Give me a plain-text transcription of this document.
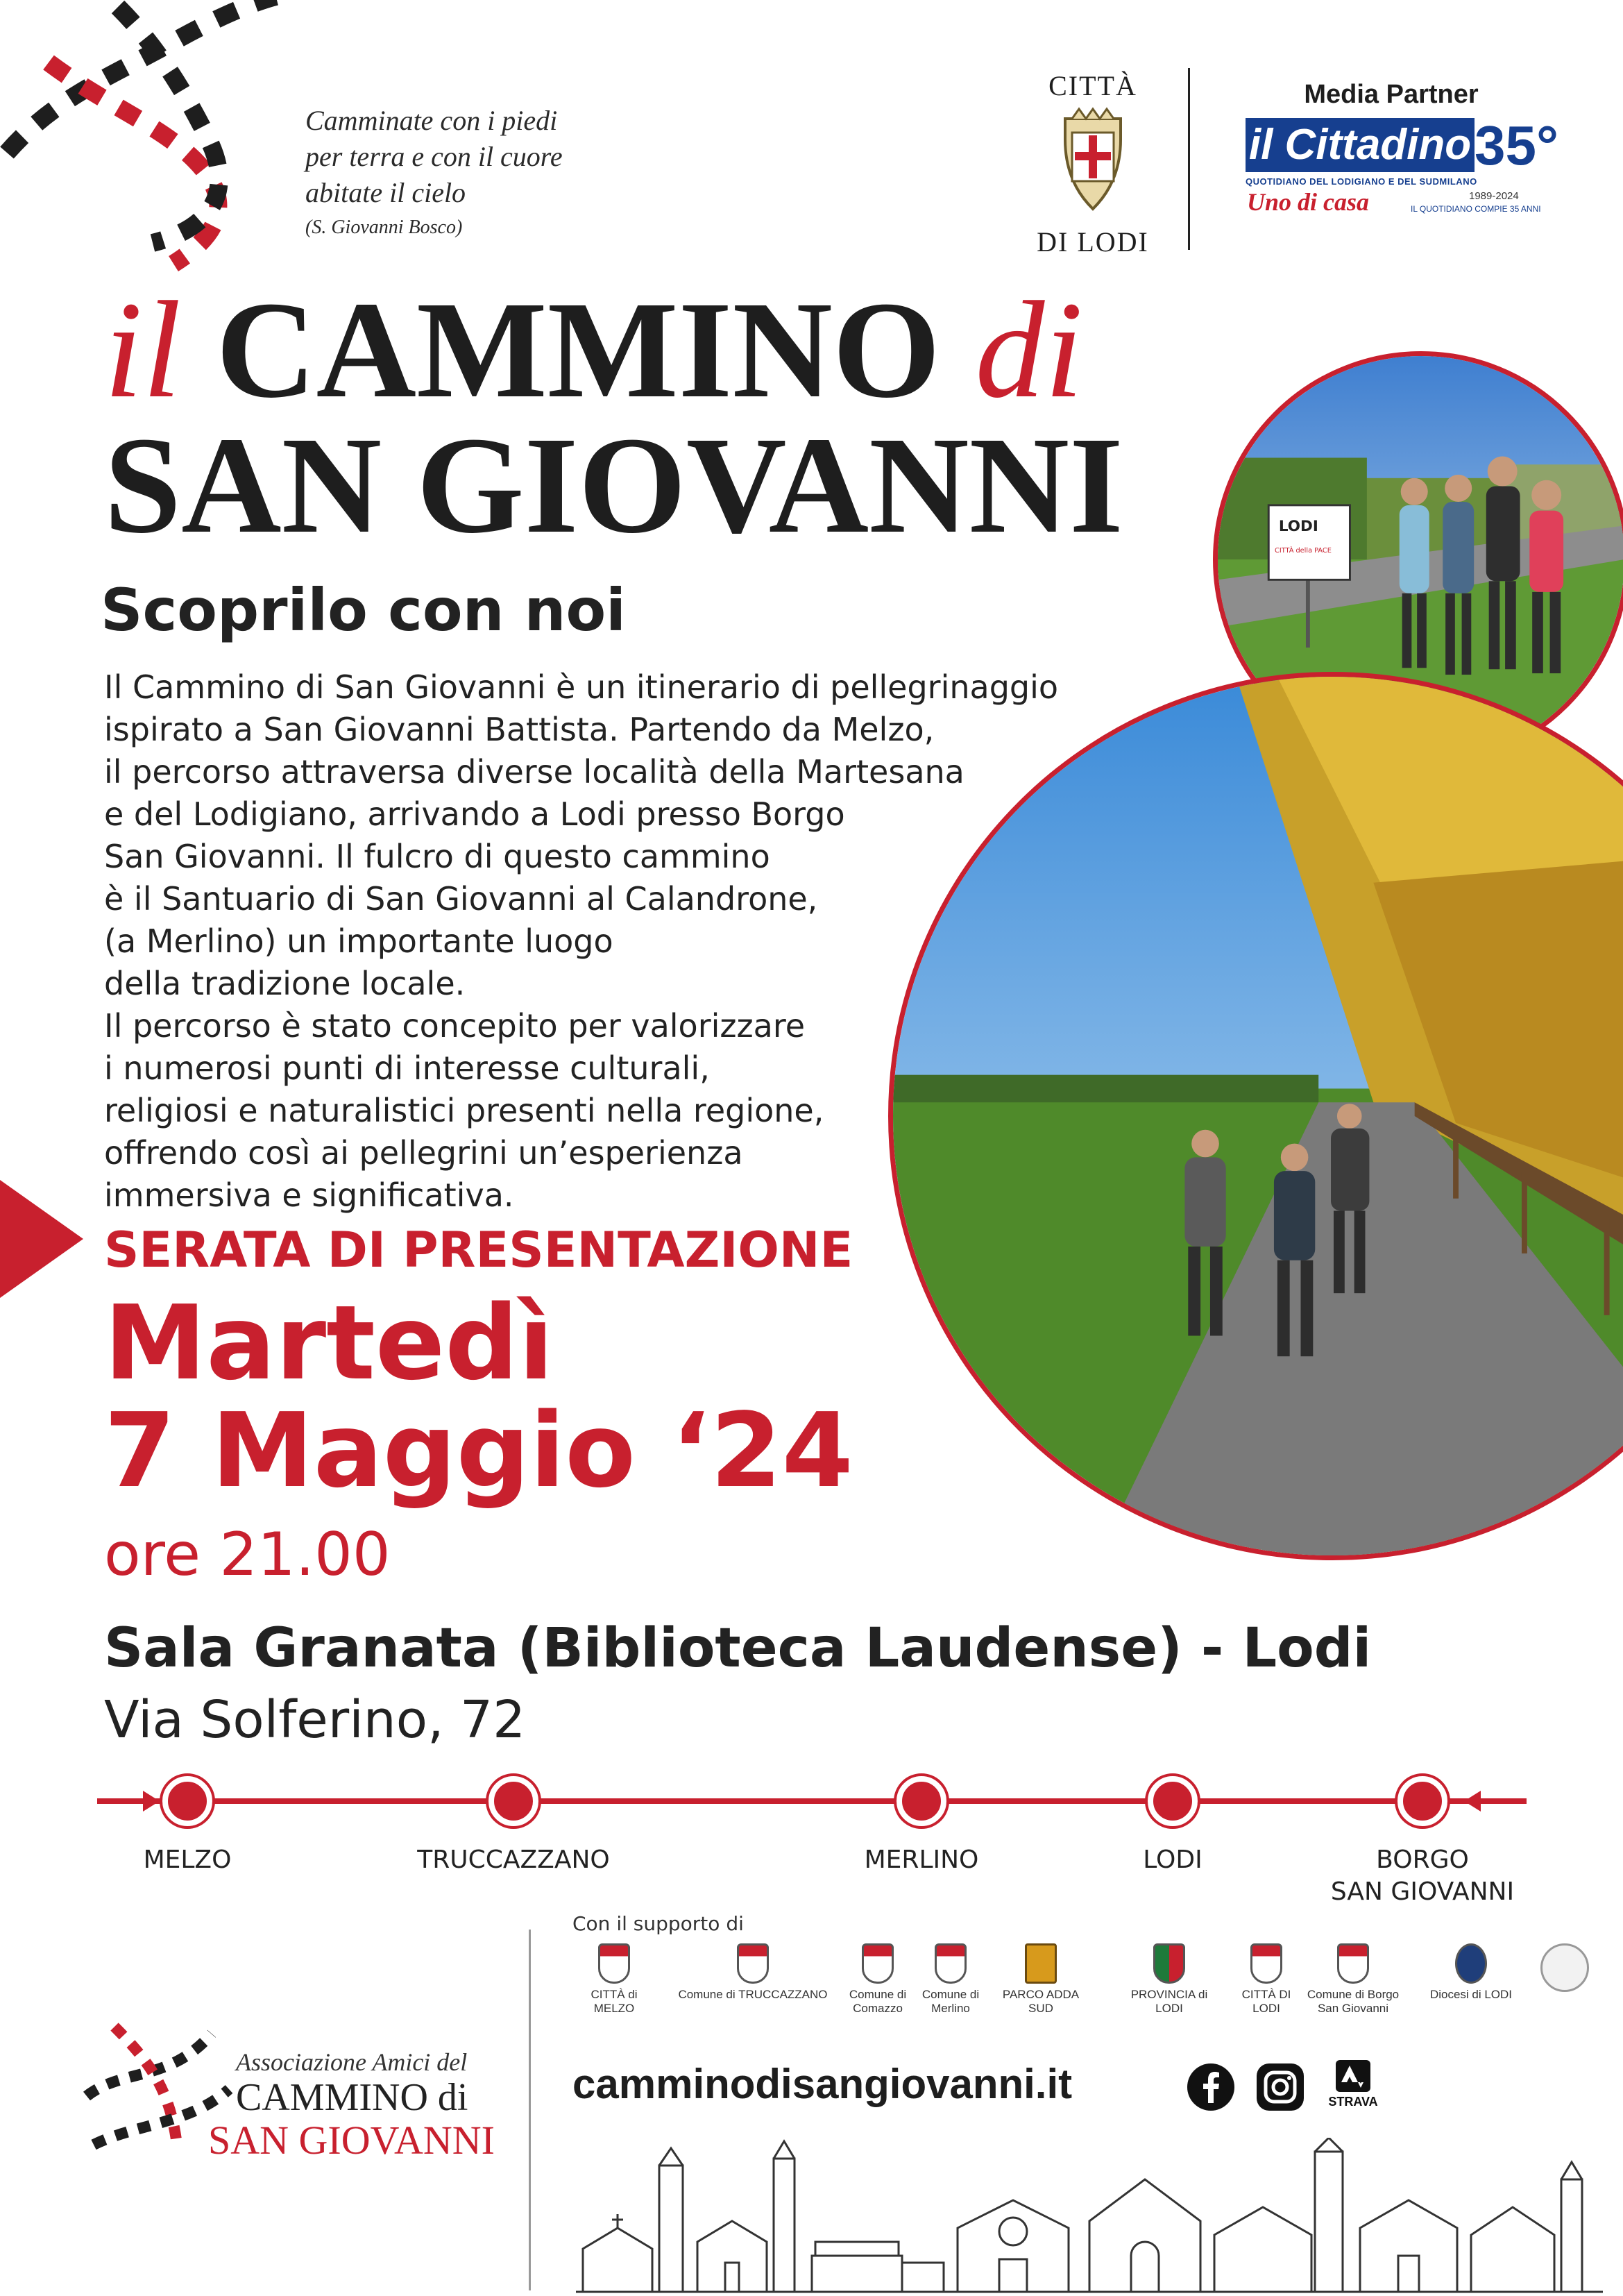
Camminate con i piedi
per terra e con il cuore
abitate il cielo
(S. Giovanni Bosco)
CITTÀ
DI LODI
Media Partner
il Cittadino 35°
QUOTIDIANO DEL LODIGIANO E DEL SUDMILANO
Uno di casa	1989-2024
IL QUOTIDIANO COMPIE 35 ANNI
il CAMMINO di
SAN GIOVANNI
Scoprilo con noi
Il Cammino di San Giovanni è un itinerario di pellegrinaggio
ispirato a San Giovanni Battista. Partendo da Melzo,
il percorso attraversa diverse località della Martesana
e del Lodigiano, arrivando a Lodi presso Borgo
San Giovanni. Il fulcro di questo cammino
è il Santuario di San Giovanni al Calandrone,
(a Merlino) un importante luogo
della tradizione locale.
Il percorso è stato concepito per valorizzare
i numerosi punti di interesse culturali,
religiosi e naturalistici presenti nella regione,
offrendo così ai pellegrini un’esperienza
immersiva e significativa.
LODI
CITTÀ della PACE
SERATA DI PRESENTAZIONE
Martedì
7 Maggio ‘24
ore 21.00
Sala Granata (Biblioteca Laudense) - Lodi
Via Solferino, 72
MELZO	TRUCCAZZANO	MERLINO	LODI	BORGO
SAN GIOVANNI
Con il supporto di
CITTÀ di MELZO
Comune di TRUCCAZZANO	Comune di Comazzo
Comune di Merlino
PARCO ADDA SUD
PROVINCIA di LODI
CITTÀ DI LODI
Comune di Borgo San Giovanni
Diocesi di LODI
camminodisangiovanni.it	STRAVA
Associazione Amici del
CAMMINO di
SAN GIOVANNI
